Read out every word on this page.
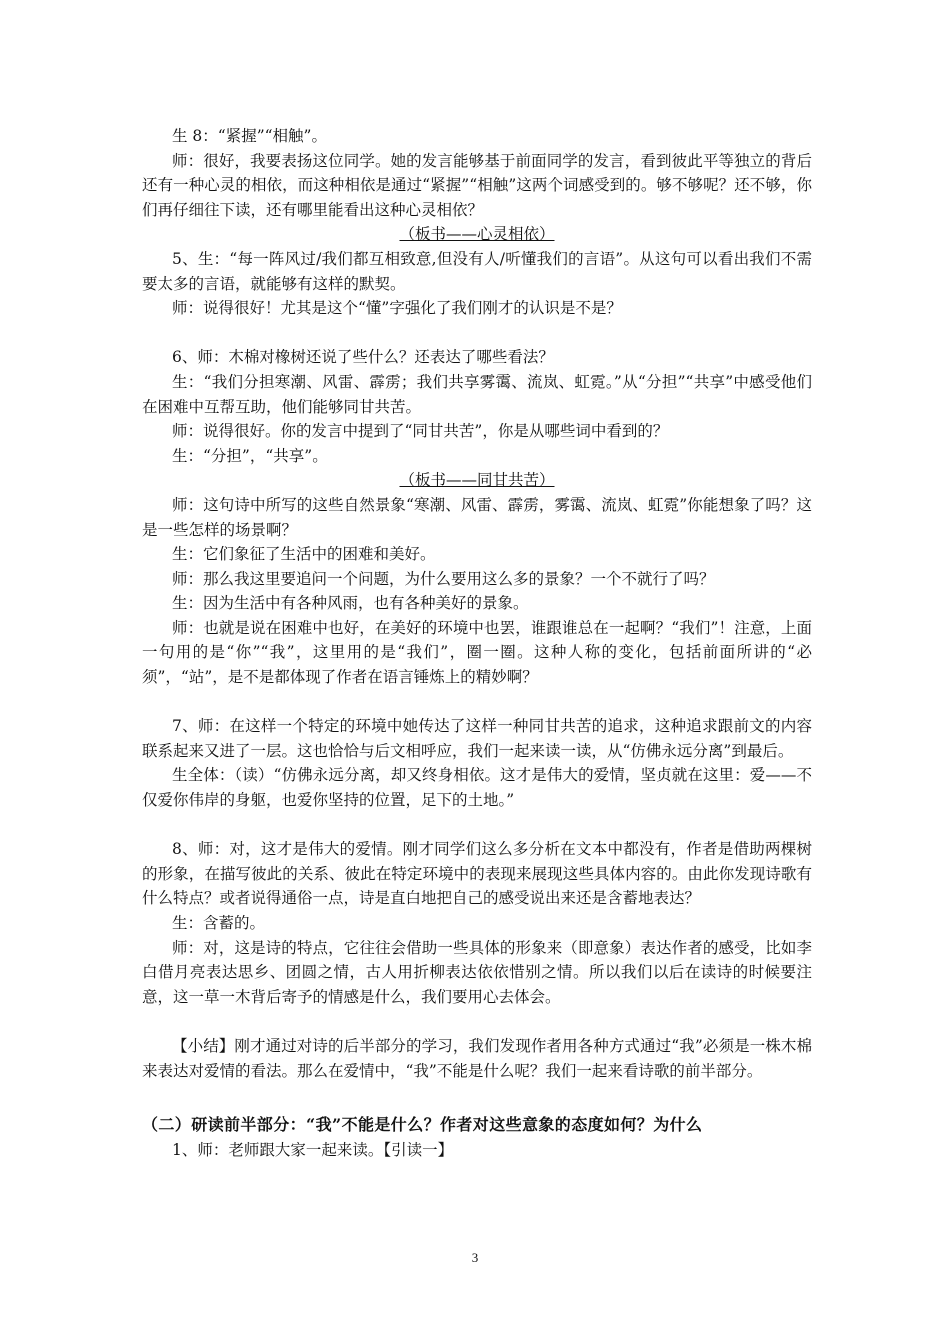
生 8：“紧握”“相触”。

师：很好，我要表扬这位同学。她的发言能够基于前面同学的发言，看到彼此平等独立的背后还有一种心灵的相依，而这种相依是通过“紧握”“相触”这两个词感受到的。够不够呢？还不够，你们再仔细往下读，还有哪里能看出这种心灵相依？

（板书——心灵相依）

5、生：“每一阵风过/我们都互相致意,但没有人/听懂我们的言语”。从这句可以看出我们不需要太多的言语，就能够有这样的默契。

师：说得很好！尤其是这个“懂”字强化了我们刚才的认识是不是？

6、师：木棉对橡树还说了些什么？还表达了哪些看法？

生：“我们分担寒潮、风雷、霹雳；我们共享雾霭、流岚、虹霓。”从“分担”“共享”中感受他们在困难中互帮互助，他们能够同甘共苦。

师：说得很好。你的发言中提到了“同甘共苦”，你是从哪些词中看到的？

生：“分担”，“共享”。

（板书——同甘共苦）

师：这句诗中所写的这些自然景象“寒潮、风雷、霹雳，雾霭、流岚、虹霓”你能想象了吗？这是一些怎样的场景啊？

生：它们象征了生活中的困难和美好。

师：那么我这里要追问一个问题，为什么要用这么多的景象？一个不就行了吗？

生：因为生活中有各种风雨，也有各种美好的景象。

师：也就是说在困难中也好，在美好的环境中也罢，谁跟谁总在一起啊？“我们”！注意，上面一句用的是“你”“我”，这里用的是“我们”，圈一圈。这种人称的变化，包括前面所讲的“必须”，“站”，是不是都体现了作者在语言锤炼上的精妙啊？

7、师：在这样一个特定的环境中她传达了这样一种同甘共苦的追求，这种追求跟前文的内容联系起来又进了一层。这也恰恰与后文相呼应，我们一起来读一读，从“仿佛永远分离”到最后。

生全体：（读）“仿佛永远分离，却又终身相依。这才是伟大的爱情，坚贞就在这里：爱——不仅爱你伟岸的身躯，也爱你坚持的位置，足下的土地。”

8、师：对，这才是伟大的爱情。刚才同学们这么多分析在文本中都没有，作者是借助两棵树的形象，在描写彼此的关系、彼此在特定环境中的表现来展现这些具体内容的。由此你发现诗歌有什么特点？或者说得通俗一点，诗是直白地把自己的感受说出来还是含蓄地表达？

生：含蓄的。

师：对，这是诗的特点，它往往会借助一些具体的形象来（即意象）表达作者的感受，比如李白借月亮表达思乡、团圆之情，古人用折柳表达依依惜别之情。所以我们以后在读诗的时候要注意，这一草一木背后寄予的情感是什么，我们要用心去体会。

【小结】刚才通过对诗的后半部分的学习，我们发现作者用各种方式通过“我”必须是一株木棉来表达对爱情的看法。那么在爱情中，“我”不能是什么呢？我们一起来看诗歌的前半部分。

（二）研读前半部分：“我”不能是什么？作者对这些意象的态度如何？为什么

1、师：老师跟大家一起来读。【引读一】

3
